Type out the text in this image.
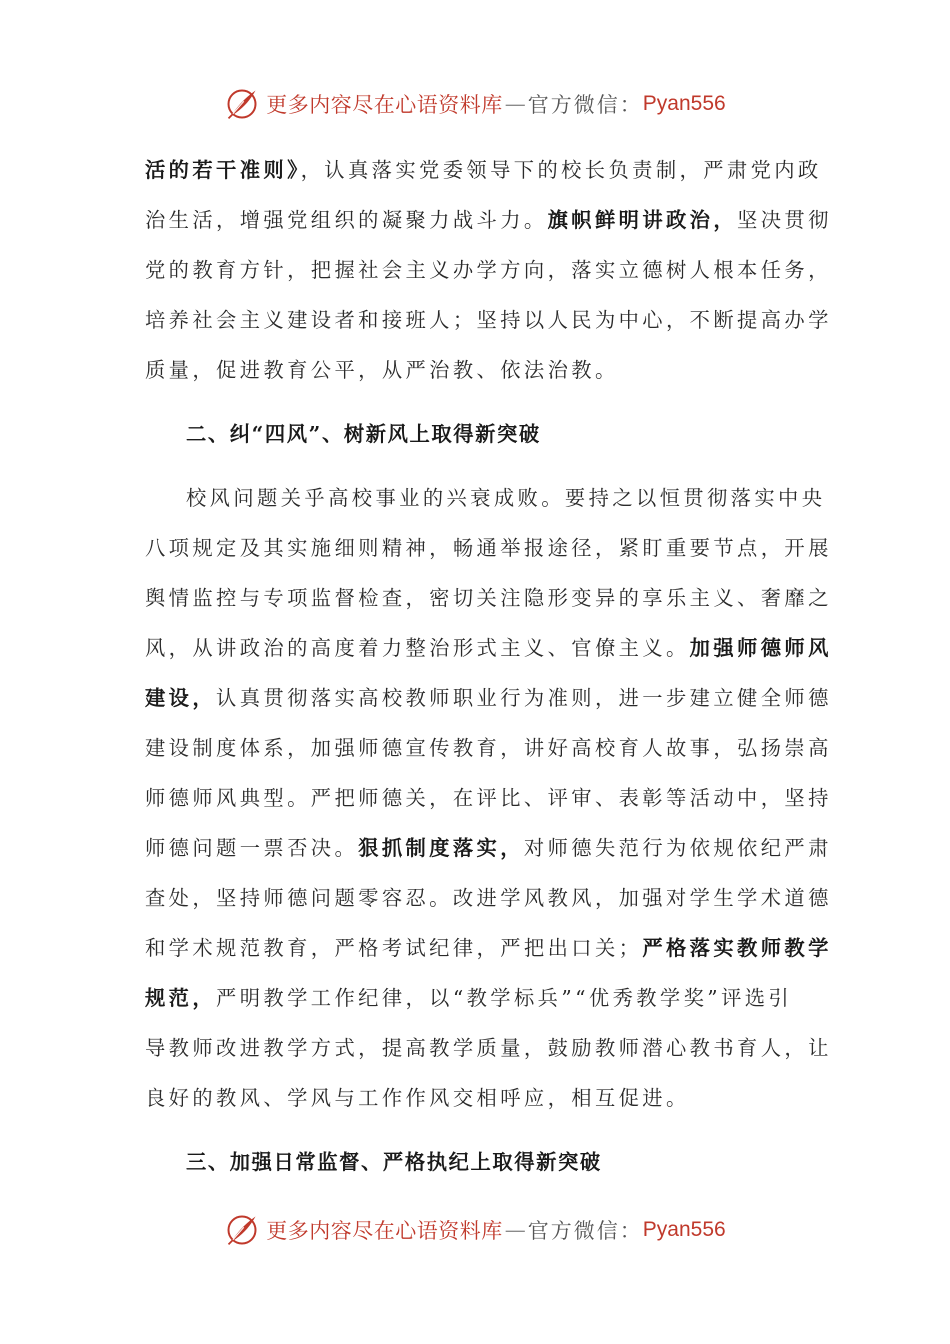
更多内容尽在心语资料库 — 官方微信： Pyan556
活的若干准则》，认真落实党委领导下的校长负责制，严肃党内政
治生活，增强党组织的凝聚力战斗力。旗帜鲜明讲政治，坚决贯彻
党的教育方针，把握社会主义办学方向，落实立德树人根本任务，
培养社会主义建设者和接班人；坚持以人民为中心，不断提高办学
质量，促进教育公平，从严治教、依法治教。
二、纠“四风”、树新风上取得新突破
校风问题关乎高校事业的兴衰成败。要持之以恒贯彻落实中央
八项规定及其实施细则精神，畅通举报途径，紧盯重要节点，开展
舆情监控与专项监督检查，密切关注隐形变异的享乐主义、奢靡之
风，从讲政治的高度着力整治形式主义、官僚主义。加强师德师风
建设，认真贯彻落实高校教师职业行为准则，进一步建立健全师德
建设制度体系，加强师德宣传教育，讲好高校育人故事，弘扬崇高
师德师风典型。严把师德关，在评比、评审、表彰等活动中，坚持
师德问题一票否决。狠抓制度落实，对师德失范行为依规依纪严肃
查处，坚持师德问题零容忍。改进学风教风，加强对学生学术道德
和学术规范教育，严格考试纪律，严把出口关；严格落实教师教学
规范，严明教学工作纪律，以“教学标兵”“优秀教学奖”评选引
导教师改进教学方式，提高教学质量，鼓励教师潜心教书育人，让
良好的教风、学风与工作作风交相呼应，相互促进。
三、加强日常监督、严格执纪上取得新突破
更多内容尽在心语资料库 — 官方微信： Pyan556
